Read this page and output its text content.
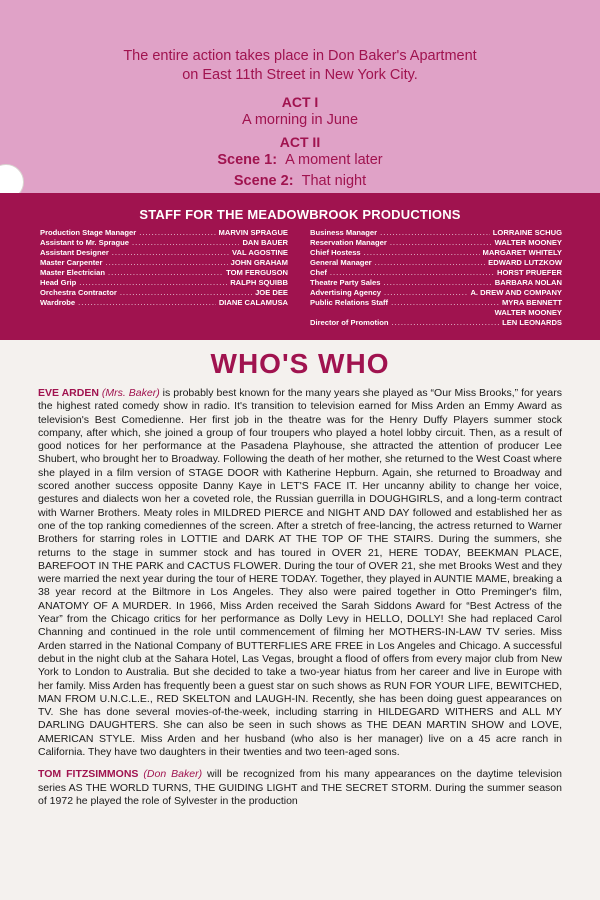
The entire action takes place in Don Baker's Apartment
on East 11th Street in New York City.
ACT I
A morning in June
ACT II
Scene 1: A moment later
Scene 2: That night
STAFF FOR THE MEADOWBROOK PRODUCTIONS
Production Stage Manager .....	MARVIN SPRAGUE
Assistant to Mr. Sprague .....	DAN BAUER
Assistant Designer .....	VAL AGOSTINE
Master Carpenter .....	JOHN GRAHAM
Master Electrician .....	TOM FERGUSON
Head Grip .....	RALPH SQUIBB
Orchestra Contractor .....	JOE DEE
Wardrobe .....	DIANE CALAMUSA
Business Manager .....	LORRAINE SCHUG
Reservation Manager .....	WALTER MOONEY
Chief Hostess .....	MARGARET WHITELY
General Manager .....	EDWARD LUTZKOW
Chef .....	HORST PRUEFER
Theatre Party Sales .....	BARBARA NOLAN
Advertising Agency .....	A. DREW AND COMPANY
Public Relations Staff .....	MYRA BENNETT
WALTER MOONEY
Director of Promotion .....	LEN LEONARDS
WHO'S WHO

EVE ARDEN (Mrs. Baker) is probably best known for the many years she played as “Our Miss Brooks,” for years the highest rated comedy show in radio. It's transition to television earned for Miss Arden an Emmy Award as television's Best Comedienne. Her first job in the theatre was for the Henry Duffy Players summer stock company, after which, she joined a group of four troupers who played a hotel lobby circuit. Then, as a result of good notices for her performance at the Pasadena Playhouse, she attracted the attention of producer Lee Shubert, who brought her to Broadway. Following the death of her mother, she returned to the West Coast where she played in a film version of STAGE DOOR with Katherine Hepburn. Again, she returned to Broadway and scored another success opposite Danny Kaye in LET'S FACE IT. Her uncanny ability to change her voice, gestures and dialects won her a coveted role, the Russian guerrilla in DOUGHGIRLS, and a long-term contract with Warner Brothers. Meaty roles in MILDRED PIERCE and NIGHT AND DAY followed and established her as one of the top ranking comediennes of the screen. After a stretch of free-lancing, the actress returned to Warner Brothers for starring roles in LOTTIE and DARK AT THE TOP OF THE STAIRS. During the summers, she returns to the stage in summer stock and has toured in OVER 21, HERE TODAY, BEEKMAN PLACE, BAREFOOT IN THE PARK and CACTUS FLOWER. During the tour of OVER 21, she met Brooks West and they were married the next year during the tour of HERE TODAY. Together, they played in AUNTIE MAME, breaking a 38 year record at the Biltmore in Los Angeles. They also were paired together in Otto Preminger's film, ANATOMY OF A MURDER. In 1966, Miss Arden received the Sarah Siddons Award for “Best Actress of the Year” from the Chicago critics for her performance as Dolly Levy in HELLO, DOLLY! She had replaced Carol Channing and continued in the role until commencement of filming her MOTHERS-IN-LAW TV series. Miss Arden starred in the National Company of BUTTERFLIES ARE FREE in Los Angeles and Chicago. A successful debut in the night club at the Sahara Hotel, Las Vegas, brought a flood of offers from every major club from New York to London to Australia. But she decided to take a two-year hiatus from her career and live in Europe with her family. Miss Arden has frequently been a guest star on such shows as RUN FOR YOUR LIFE, BEWITCHED, MAN FROM U.N.C.L.E., RED SKELTON and LAUGH-IN. Recently, she has been doing guest appearances on TV. She has done several movies-of-the-week, including starring in HILDEGARD WITHERS and ALL MY DARLING DAUGHTERS. She can also be seen in such shows as THE DEAN MARTIN SHOW and LOVE, AMERICAN STYLE. Miss Arden and her husband (who also is her manager) live on a 45 acre ranch in California. They have two daughters in their twenties and two teen-aged sons.

TOM FITZSIMMONS (Don Baker) will be recognized from his many appearances on the daytime television series AS THE WORLD TURNS, THE GUIDING LIGHT and THE SECRET STORM. During the summer season of 1972 he played the role of Sylvester in the production
